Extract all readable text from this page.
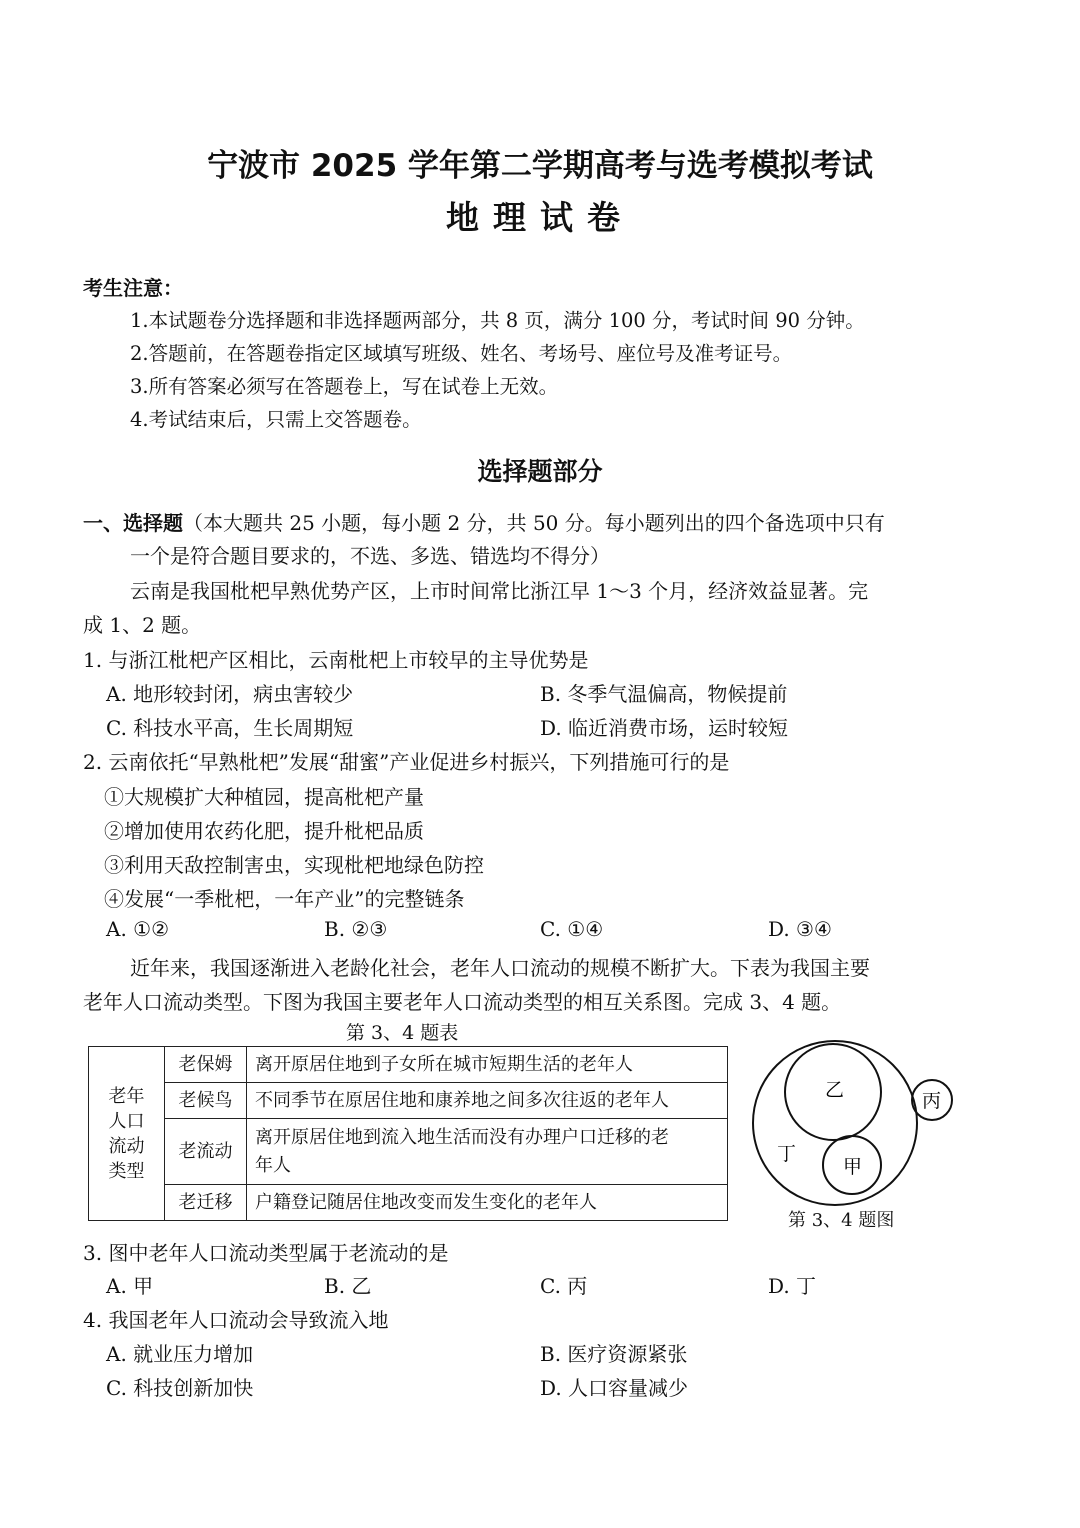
宁波市 2025 学年第二学期高考与选考模拟考试
地理试卷
考生注意：
1.本试题卷分选择题和非选择题两部分，共 8 页，满分 100 分，考试时间 90 分钟。
2.答题前，在答题卷指定区域填写班级、姓名、考场号、座位号及准考证号。
3.所有答案必须写在答题卷上，写在试卷上无效。
4.考试结束后，只需上交答题卷。
选择题部分
一、选择题（本大题共 25 小题，每小题 2 分，共 50 分。每小题列出的四个备选项中只有
一个是符合题目要求的，不选、多选、错选均不得分）
云南是我国枇杷早熟优势产区，上市时间常比浙江早 1～3 个月，经济效益显著。完
成 1、2 题。
1. 与浙江枇杷产区相比，云南枇杷上市较早的主导优势是
A. 地形较封闭，病虫害较少	B. 冬季气温偏高，物候提前
C. 科技水平高，生长周期短	D. 临近消费市场，运时较短
2. 云南依托“早熟枇杷”发展“甜蜜”产业促进乡村振兴，下列措施可行的是
①大规模扩大种植园，提高枇杷产量
②增加使用农药化肥，提升枇杷品质
③利用天敌控制害虫，实现枇杷地绿色防控
④发展“一季枇杷，一年产业”的完整链条
A. ①②	B. ②③	C. ①④	D. ③④
近年来，我国逐渐进入老龄化社会，老年人口流动的规模不断扩大。下表为我国主要
老年人口流动类型。下图为我国主要老年人口流动类型的相互关系图。完成 3、4 题。
第 3、4 题表
老年
人口
流动
类型	老保姆	离开原居住地到子女所在城市短期生活的老年人
	老候鸟	不同季节在原居住地和康养地之间多次往返的老年人
	老流动	离开原居住地到流入地生活而没有办理户口迁移的老
年人

	老迁移	户籍登记随居住地改变而发生变化的老年人
乙	丙
丁
甲
第 3、4 题图
3. 图中老年人口流动类型属于老流动的是
A. 甲	B. 乙	C. 丙	D. 丁
4. 我国老年人口流动会导致流入地
A. 就业压力增加	B. 医疗资源紧张
C. 科技创新加快	D. 人口容量减少
